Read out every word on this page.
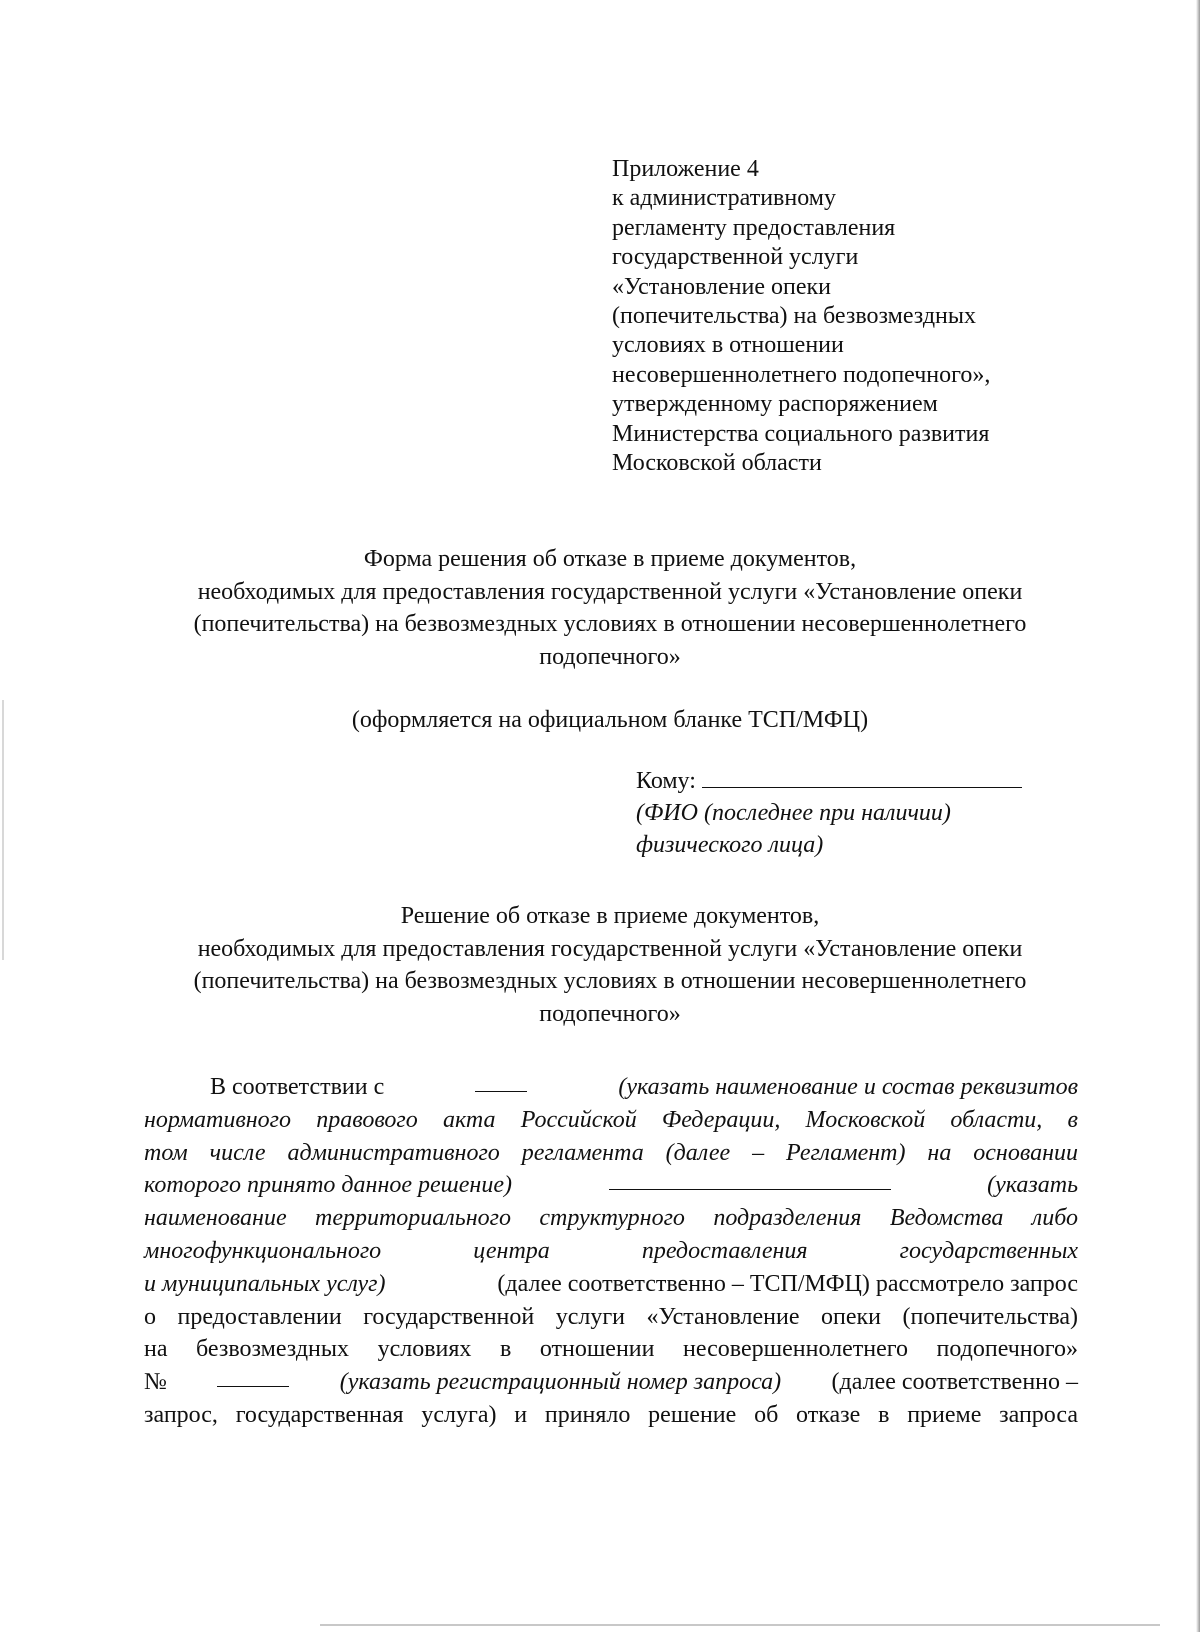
Приложение 4
к административному
регламенту предоставления
государственной услуги
«Установление опеки
(попечительства) на безвозмездных
условиях в отношении
несовершеннолетнего подопечного»,
утвержденному распоряжением
Министерства социального развития
Московской области
Форма решения об отказе в приеме документов,
необходимых для предоставления государственной услуги «Установление опеки
(попечительства) на безвозмездных условиях в отношении несовершеннолетнего
подопечного»
(оформляется на официальном бланке ТСП/МФЦ)
Кому:
(ФИО (последнее при наличии)
физического лица)
Решение об отказе в приеме документов,
необходимых для предоставления государственной услуги «Установление опеки
(попечительства) на безвозмездных условиях в отношении несовершеннолетнего
подопечного»
В соответствии с	(указать наименование и состав реквизитов
нормативного правового акта Российской Федерации, Московской области, в
том числе административного регламента (далее – Регламент) на основании
которого принято данное решение)	(указать
наименование территориального структурного подразделения Ведомства либо
многофункционального	центра	предоставления	государственных
и муниципальных услуг)	(далее соответственно – ТСП/МФЦ) рассмотрело запрос
о предоставлении государственной услуги «Установление опеки (попечительства)
на безвозмездных условиях в отношении несовершеннолетнего подопечного»
№	(указать регистрационный номер запроса) (далее соответственно –
запрос, государственная услуга) и приняло решение об отказе в приеме запроса
